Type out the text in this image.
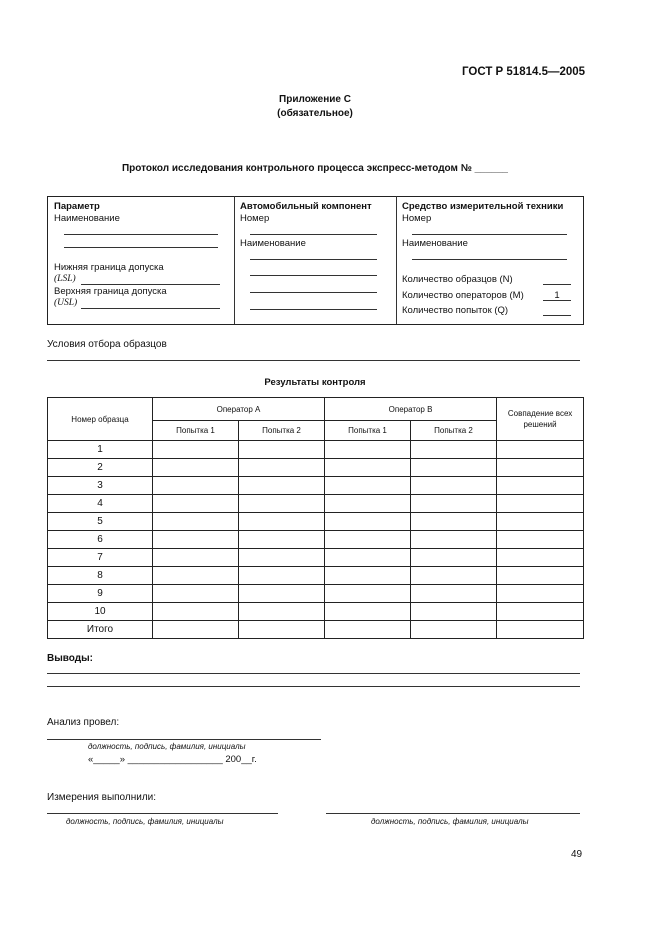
ГОСТ Р 51814.5—2005
Приложение С
(обязательное)
Протокол исследования контрольного процесса экспресс-методом № ______
Параметр
Наименование
Нижняя граница допуска
(LSL)
Верхняя граница допуска
(USL)
Автомобильный компонент
Номер
Наименование
Средство измерительной техники
Номер
Наименование
Количество образцов (N)
Количество операторов (M)	1
Количество попыток (Q)
Условия отбора образцов
Результаты контроля
Номер образца	Оператор А		Оператор В		Совпадение всех решений
	Попытка 1	Попытка 2	Попытка 1	Попытка 2	
1					
2					
3					
4					
5					
6					
7					
8					
9					
10					
Итого					
Выводы:
Анализ провел:
должность, подпись, фамилия, инициалы
«_____» __________________ 200__г.
Измерения выполнили:
должность, подпись, фамилия, инициалы	должность, подпись, фамилия, инициалы
49
